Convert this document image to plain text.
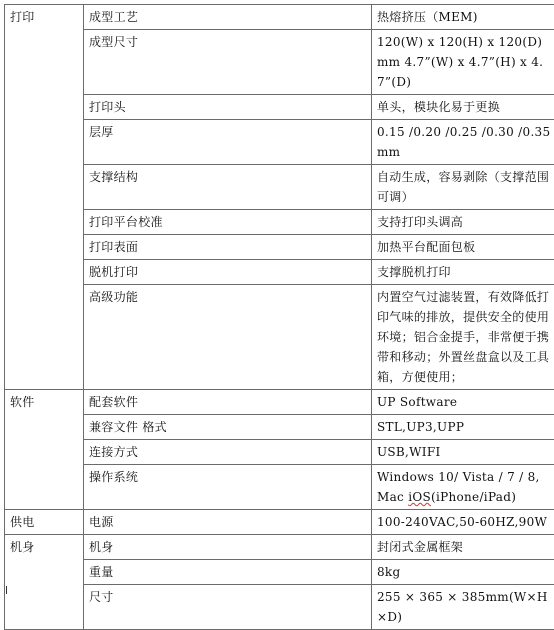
打印	成型工艺	热熔挤压（MEM)
	成型尺寸	120(W) x 120(H) x 120(D) mm 4.7”(W) x 4.7”(H) x 4.7”(D)
	打印头	单头，模块化易于更换
	层厚	0.15 /0.20 /0.25 /0.30 /0.35 mm
	支撑结构	自动生成，容易剥除（支撑范围可调）
	打印平台校准	支持打印头调高
	打印表面	加热平台配面包板
	脱机打印	支撑脱机打印
	高级功能	内置空气过滤装置，有效降低打印气味的排放，提供安全的使用环境；铝合金提手，非常便于携带和移动；外置丝盘盒以及工具箱，方便使用；
软件	配套软件	UP Software
	兼容文件 格式	STL,UP3,UPP
	连接方式	USB,WIFI
	操作系统	Windows 10/ Vista / 7 / 8,Mac iOS(iPhone/iPad)
供电	电源	100-240VAC,50-60HZ,90W
机身	机身	封闭式金属框架
	重量	8kg
	尺寸	255 × 365 × 385mm(W×H×D)
